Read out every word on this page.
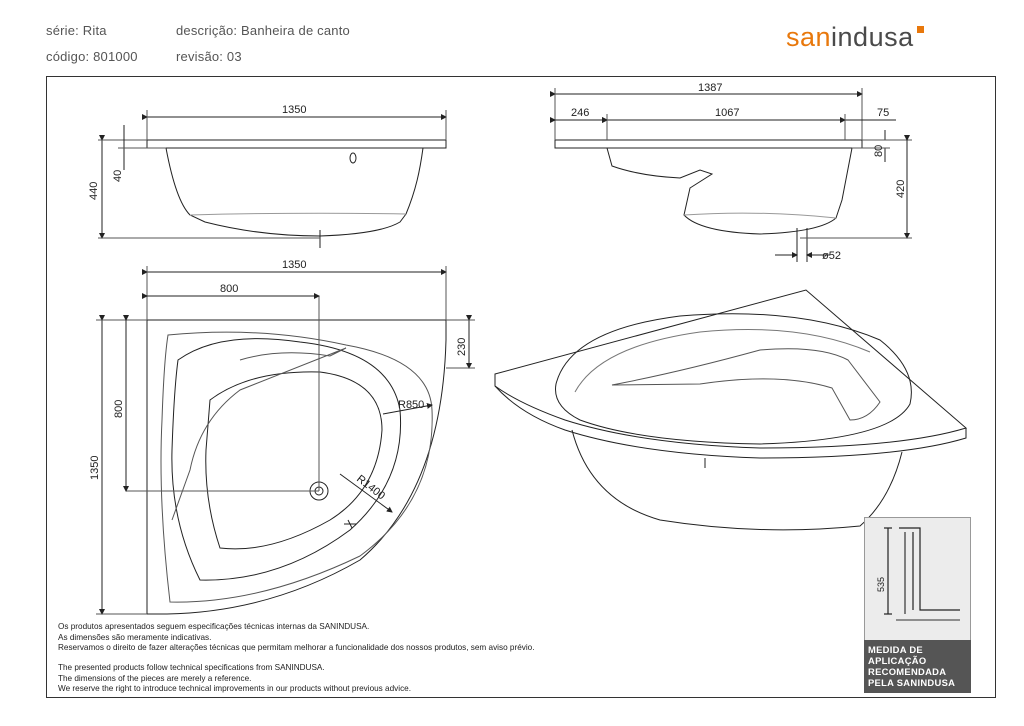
série: Rita
código: 801000
descrição: Banheira de canto
revisão: 03
sanindusa
1350
440
40
1387
246	1067	75
80
420
ø52
1350
800
230
1350
800	R850
R1400
Os produtos apresentados seguem especificações técnicas internas da SANINDUSA.
As dimensões são meramente indicativas.
Reservamos o direito de fazer alterações técnicas que permitam melhorar a funcionalidade dos nossos produtos, sem aviso prévio.
The presented products follow technical specifications from SANINDUSA.
The dimensions of the pieces are merely a reference.
We reserve the right to introduce technical improvements in our products without previous advice.
535
MEDIDA DE
APLICAÇÃO
RECOMENDADA
PELA SANINDUSA
